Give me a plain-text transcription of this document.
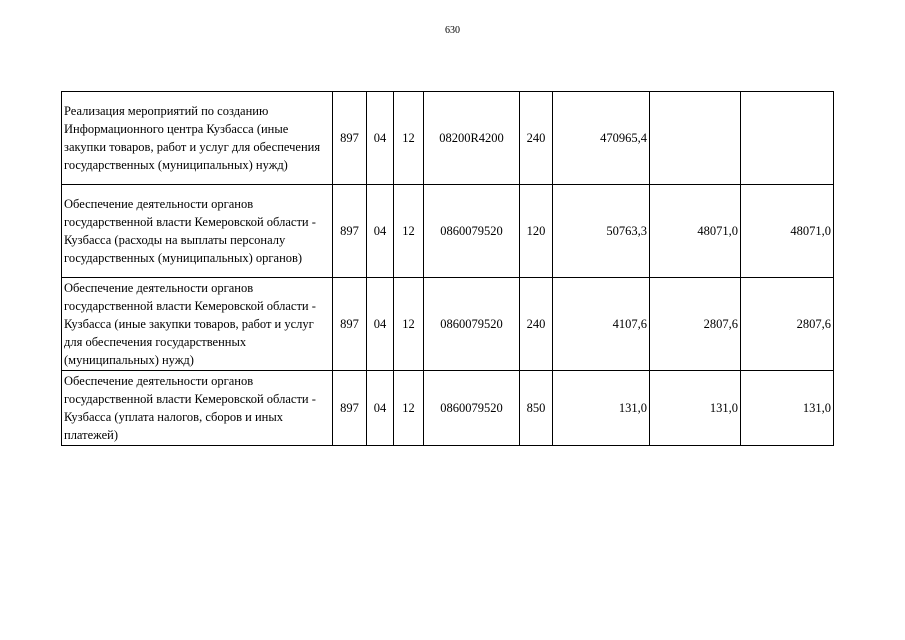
630
Реализация мероприятий по созданию Информационного центра Кузбасса (иные закупки товаров, работ и услуг для обеспечения государственных (муниципальных) нужд)	897	04	12	08200R4200	240	470965,4		
Обеспечение деятельности органов государственной власти Кемеровской области - Кузбасса (расходы на выплаты персоналу государственных (муниципальных) органов)	897	04	12	0860079520	120	50763,3	48071,0	48071,0
Обеспечение деятельности органов государственной власти Кемеровской области - Кузбасса (иные закупки товаров, работ и услуг для обеспечения государственных (муниципальных) нужд)	897	04	12	0860079520	240	4107,6	2807,6	2807,6
Обеспечение деятельности органов государственной власти Кемеровской области - Кузбасса (уплата налогов, сборов и иных платежей)	897	04	12	0860079520	850	131,0	131,0	131,0
